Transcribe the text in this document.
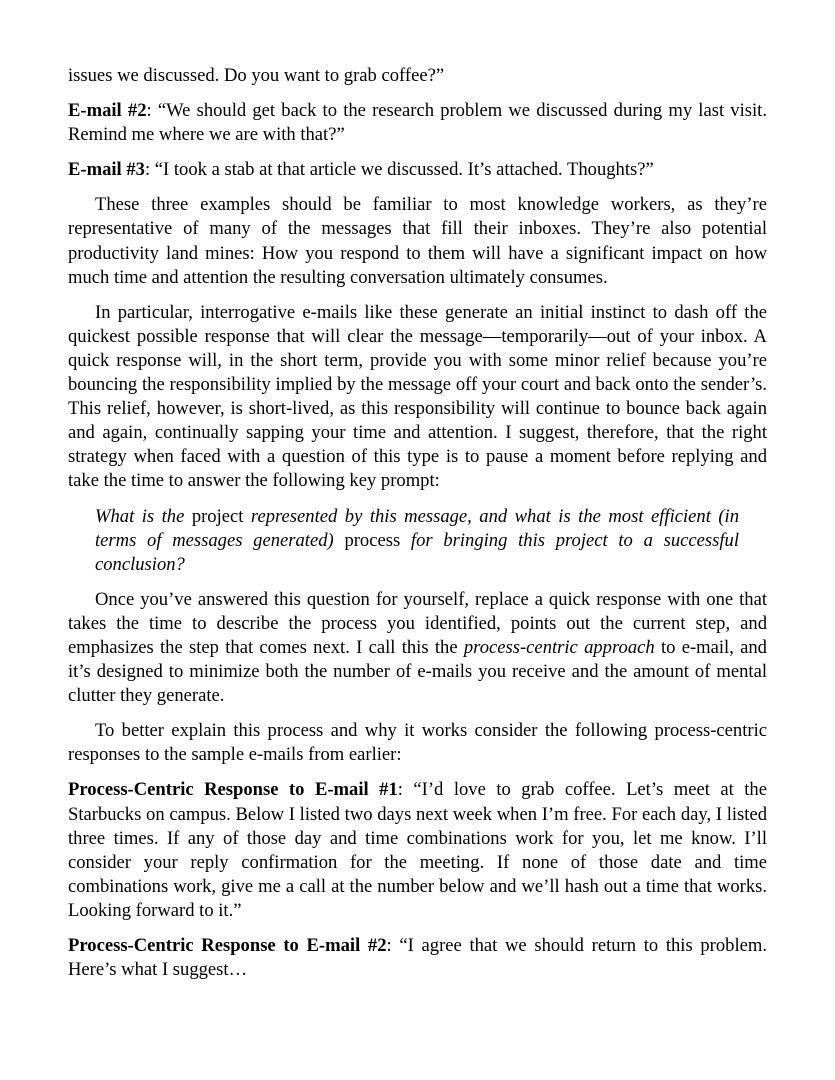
issues we discussed. Do you want to grab coffee?”

E-mail #2: “We should get back to the research problem we discussed during my last visit. Remind me where we are with that?”

E-mail #3: “I took a stab at that article we discussed. It’s attached. Thoughts?”

These three examples should be familiar to most knowledge workers, as they’re representative of many of the messages that fill their inboxes. They’re also potential productivity land mines: How you respond to them will have a significant impact on how much time and attention the resulting conversation ultimately consumes.

In particular, interrogative e-mails like these generate an initial instinct to dash off the quickest possible response that will clear the message—temporarily—out of your inbox. A quick response will, in the short term, provide you with some minor relief because you’re bouncing the responsibility implied by the message off your court and back onto the sender’s. This relief, however, is short-lived, as this responsibility will continue to bounce back again and again, continually sapping your time and attention. I suggest, therefore, that the right strategy when faced with a question of this type is to pause a moment before replying and take the time to answer the following key prompt:

What is the project represented by this message, and what is the most efficient (in terms of messages generated) process for bringing this project to a successful conclusion?

Once you’ve answered this question for yourself, replace a quick response with one that takes the time to describe the process you identified, points out the current step, and emphasizes the step that comes next. I call this the process-centric approach to e-mail, and it’s designed to minimize both the number of e-mails you receive and the amount of mental clutter they generate.

To better explain this process and why it works consider the following process-centric responses to the sample e-mails from earlier:

Process-Centric Response to E-mail #1: “I’d love to grab coffee. Let’s meet at the Starbucks on campus. Below I listed two days next week when I’m free. For each day, I listed three times. If any of those day and time combinations work for you, let me know. I’ll consider your reply confirmation for the meeting. If none of those date and time combinations work, give me a call at the number below and we’ll hash out a time that works. Looking forward to it.”

Process-Centric Response to E-mail #2: “I agree that we should return to this problem. Here’s what I suggest…
